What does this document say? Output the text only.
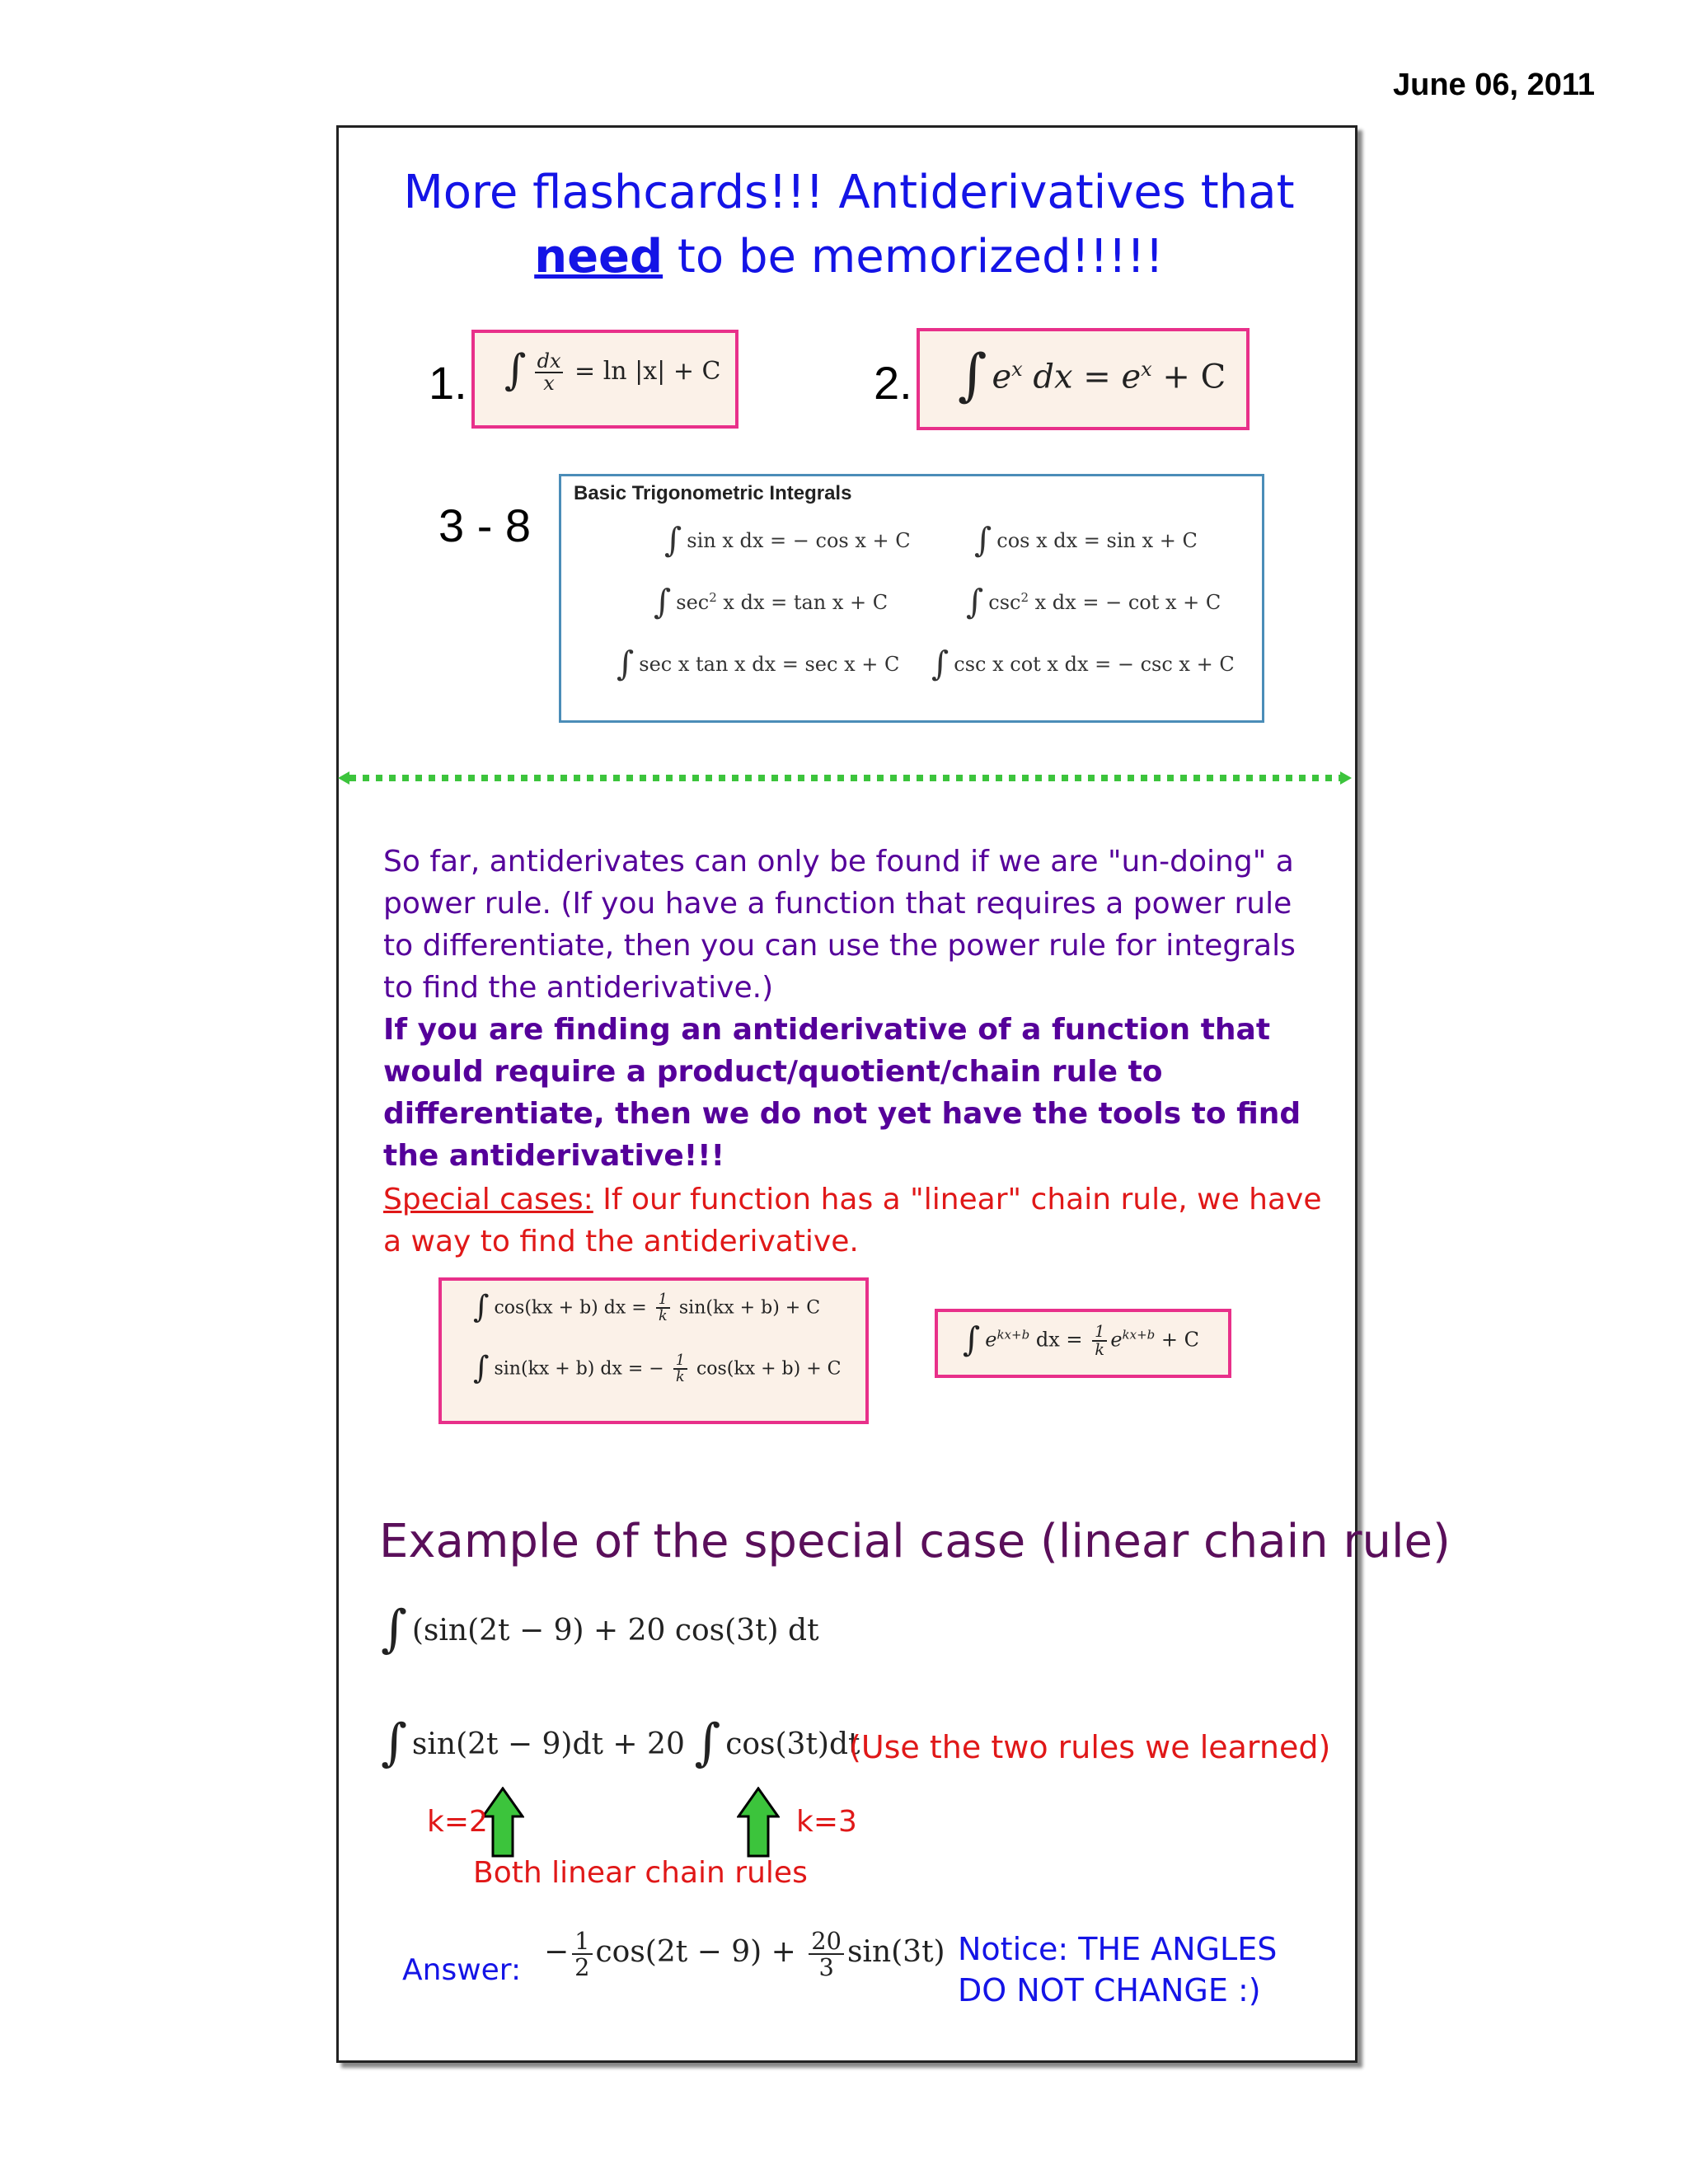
June 06, 2011
More flashcards!!! Antiderivatives that
need to be memorized!!!!!
1. ∫ $\frac{dx}{x} = \ln |x| + C$	2. ∫ $e^x$ dx = $e^x + C$
3 - 8
Basic Trigonometric Integrals
∫ sin x dx = − cos x + C ∫ cos x dx = sin x + C
∫ $\sec^2 x$ dx = tan x + C ∫ $\csc^2 x$ dx = − cot x + C
∫ sec x tan x dx = sec x + C ∫ csc x cot x dx = − csc x + C
So far, antiderivates can only be found if we are "un-doing" a power rule. (If you have a function that requires a power rule to differentiate, then you can use the power rule for integrals to find the antiderivative.)
If you are finding an antiderivative of a function that would require a product/quotient/chain rule to differentiate, then we do not yet have the tools to find the antiderivative!!!
Special cases: If our function has a "linear" chain rule, we have a way to find the antiderivative.
∫ cos(kx + b) dx = $\frac{1}{k} \sin(kx + b) + C$
∫ sin(kx + b) dx = − $\frac{1}{k} \cos(kx + b) + C$
∫ $e^{kx+b}$ dx = $\frac{1}{k} e^{kx+b} + C$
Example of the special case (linear chain rule)
∫ (sin(2t − 9) + 20 cos(3t) dt
∫ sin(2t − 9)dt + 20 ∫ cos(3t)dt
(Use the two rules we learned)
k=2	k=3
Both linear chain rules
Answer:
− $\frac{1}{2} \cos(2t - 9) + \frac{20}{3} \sin(3t)$ Notice: THE ANGLES
DO NOT CHANGE :)
